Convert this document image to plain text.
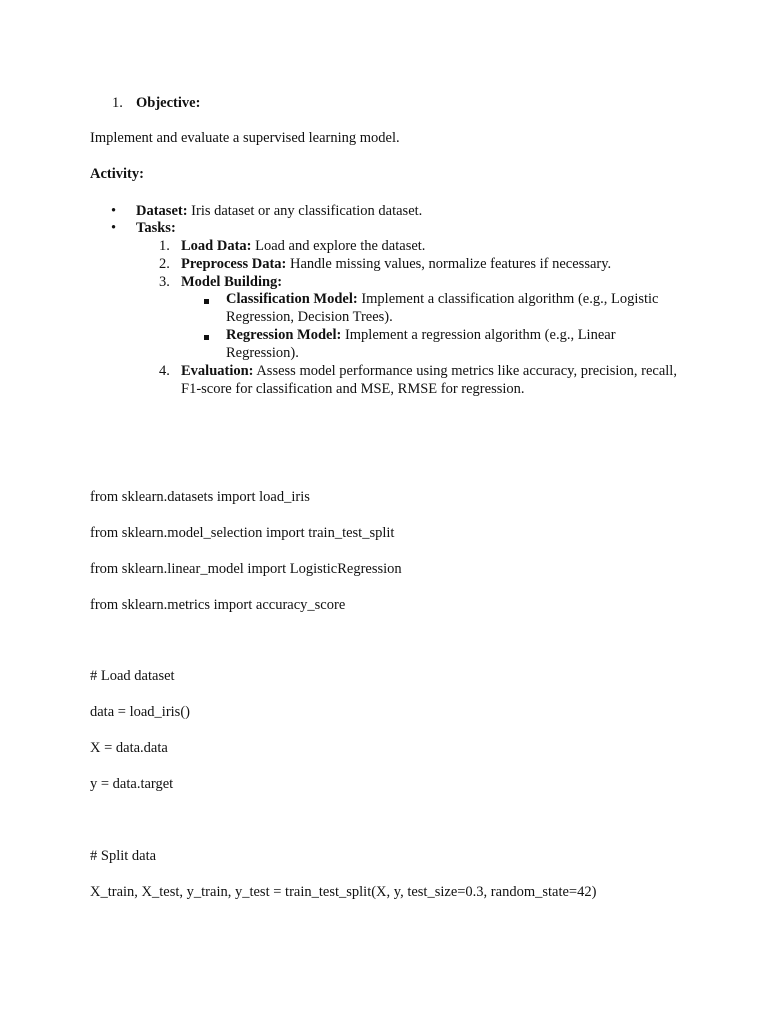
1. Objective:
Implement and evaluate a supervised learning model.
Activity:
• Dataset: Iris dataset or any classification dataset.
• Tasks:
1. Load Data: Load and explore the dataset.
2. Preprocess Data: Handle missing values, normalize features if necessary.
3. Model Building:
Classification Model: Implement a classification algorithm (e.g., Logistic Regression, Decision Trees).
Regression Model: Implement a regression algorithm (e.g., Linear Regression).
4. Evaluation: Assess model performance using metrics like accuracy, precision, recall, F1-score for classification and MSE, RMSE for regression.
from sklearn.datasets import load_iris
from sklearn.model_selection import train_test_split
from sklearn.linear_model import LogisticRegression
from sklearn.metrics import accuracy_score
# Load dataset
data = load_iris()
X = data.data
y = data.target
# Split data
X_train, X_test, y_train, y_test = train_test_split(X, y, test_size=0.3, random_state=42)
